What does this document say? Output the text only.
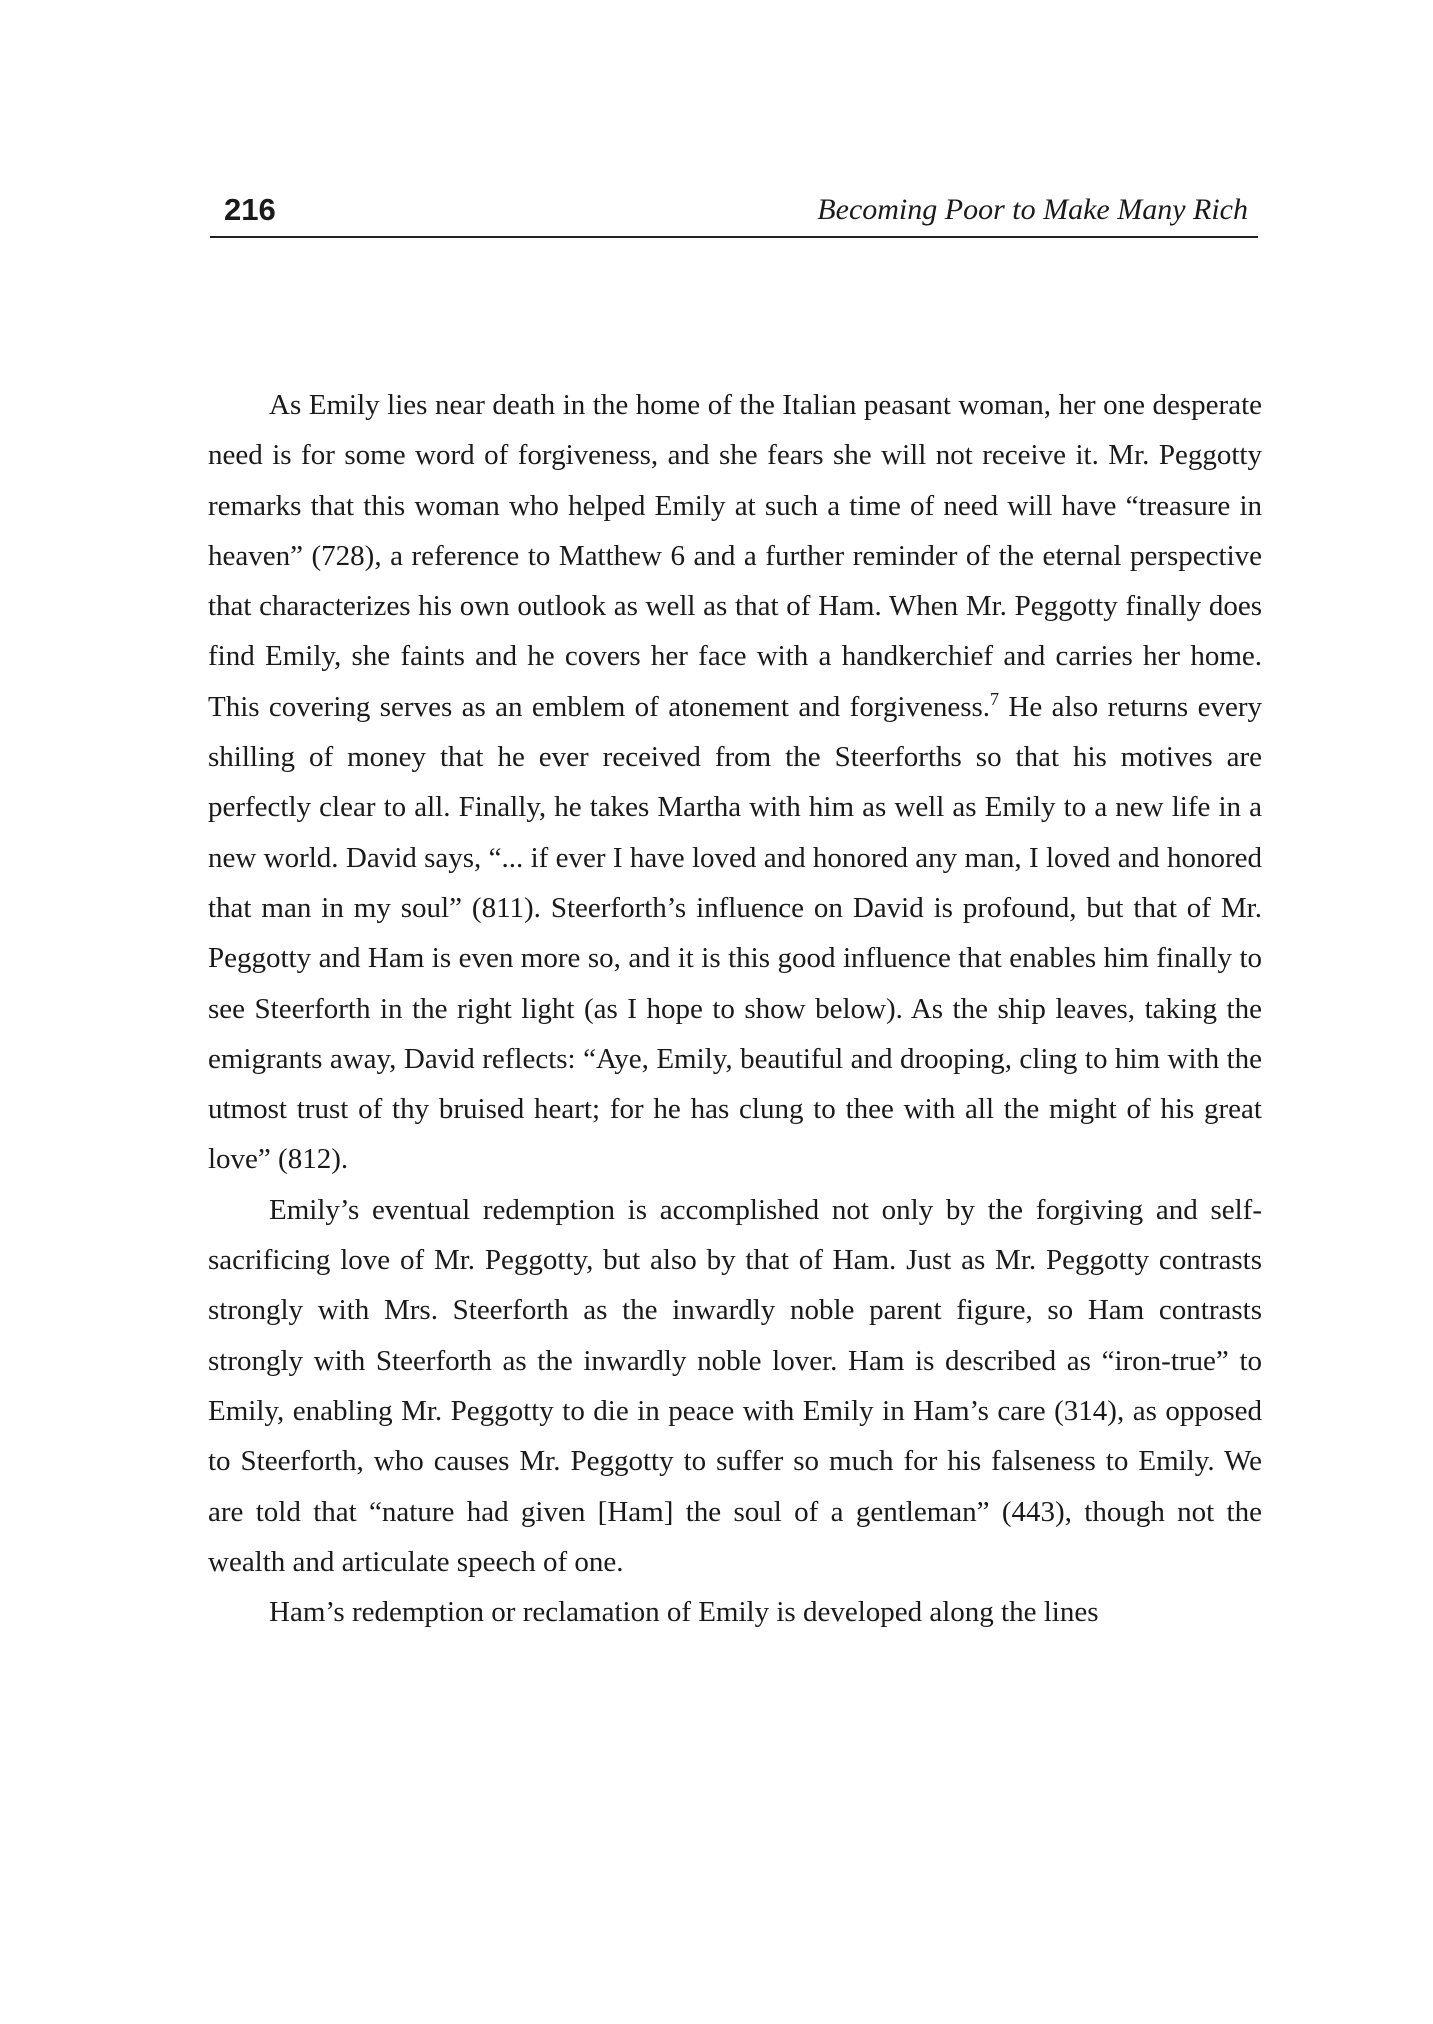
216	Becoming Poor to Make Many Rich

As Emily lies near death in the home of the Italian peasant woman, her one desperate need is for some word of forgiveness, and she fears she will not receive it. Mr. Peggotty remarks that this woman who helped Emily at such a time of need will have “treasure in heaven” (728), a reference to Matthew 6 and a further reminder of the eternal perspective that characterizes his own outlook as well as that of Ham. When Mr. Peggotty finally does find Emily, she faints and he covers her face with a handkerchief and carries her home. This covering serves as an emblem of atonement and forgiveness.$^7$ He also returns every shilling of money that he ever received from the Steerforths so that his motives are perfectly clear to all. Finally, he takes Martha with him as well as Emily to a new life in a new world. David says, “... if ever I have loved and honored any man, I loved and honored that man in my soul” (811). Steerforth’s influence on David is profound, but that of Mr. Peggotty and Ham is even more so, and it is this good influence that enables him finally to see Steerforth in the right light (as I hope to show below). As the ship leaves, taking the emigrants away, David reflects: “Aye, Emily, beautiful and drooping, cling to him with the utmost trust of thy bruised heart; for he has clung to thee with all the might of his great love” (812).

Emily’s eventual redemption is accomplished not only by the forgiving and self-sacrificing love of Mr. Peggotty, but also by that of Ham. Just as Mr. Peggotty contrasts strongly with Mrs. Steerforth as the inwardly noble parent figure, so Ham contrasts strongly with Steerforth as the inwardly noble lover. Ham is described as “iron-true” to Emily, enabling Mr. Peggotty to die in peace with Emily in Ham’s care (314), as opposed to Steerforth, who causes Mr. Peggotty to suffer so much for his falseness to Emily. We are told that “nature had given [Ham] the soul of a gentleman” (443), though not the wealth and articulate speech of one.

Ham’s redemption or reclamation of Emily is developed along the lines
